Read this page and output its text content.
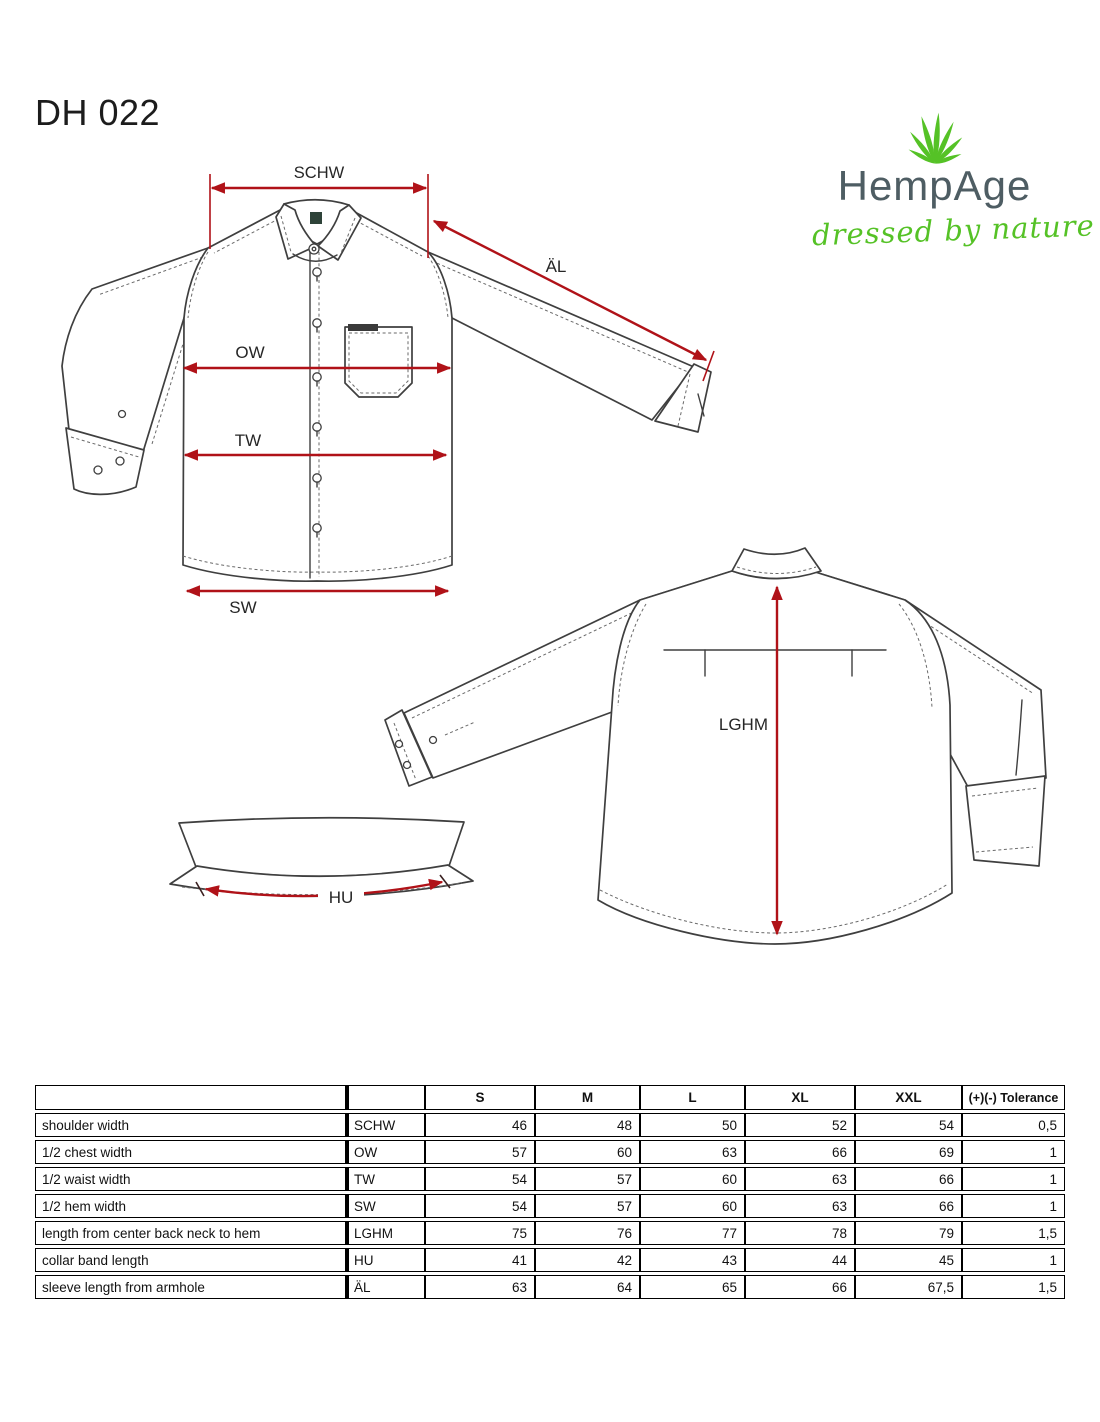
DH 022
HempAge
dressed by nature
SCHW
ÄL
OW
TW
SW
LGHM
HU
		S	M	L	XL	XXL	(+)(-) Tolerance
shoulder width	SCHW	46	48	50	52	54	0,5
1/2 chest width	OW	57	60	63	66	69	1
1/2 waist width	TW	54	57	60	63	66	1
1/2 hem width	SW	54	57	60	63	66	1
length from center back neck to hem	LGHM	75	76	77	78	79	1,5
collar band length	HU	41	42	43	44	45	1
sleeve length from armhole	ÄL	63	64	65	66	67,5	1,5
